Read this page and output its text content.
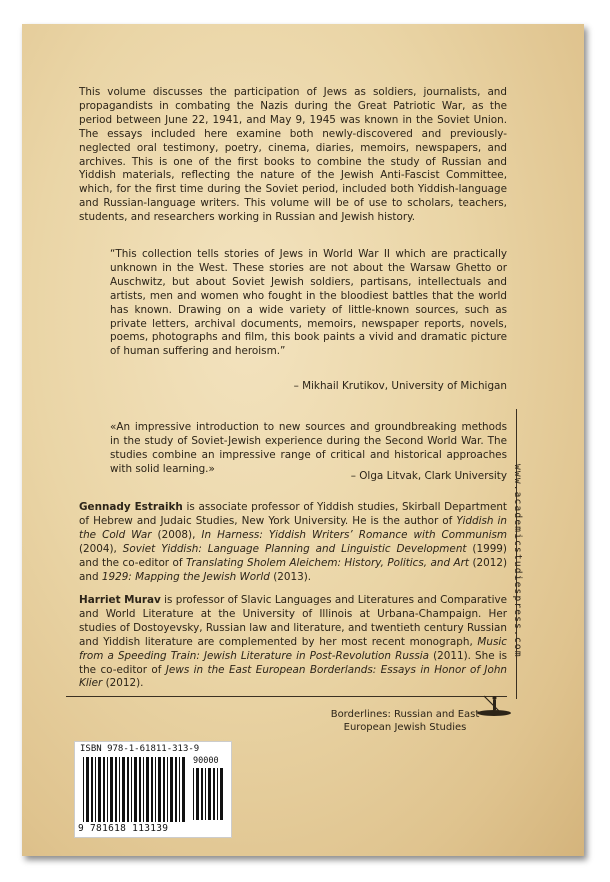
This volume discusses the participation of Jews as soldiers, journalists, and propagandists in combating the Nazis during the Great Patriotic War, as the period between June 22, 1941, and May 9, 1945 was known in the Soviet Union. The essays included here examine both newly-discovered and previously-neglected oral testimony, poetry, cinema, diaries, memoirs, newspapers, and archives. This is one of the first books to combine the study of Russian and Yiddish materials, reflecting the nature of the Jewish Anti-Fascist Committee, which, for the first time during the Soviet period, included both Yiddish-language and Russian-language writers. This volume will be of use to scholars, teachers, students, and researchers working in Russian and Jewish history.
“This collection tells stories of Jews in World War II which are practically unknown in the West. These stories are not about the Warsaw Ghetto or Auschwitz, but about Soviet Jewish soldiers, partisans, intellectuals and artists, men and women who fought in the bloodiest battles that the world has known. Drawing on a wide variety of little-known sources, such as private letters, archival documents, memoirs, newspaper reports, novels, poems, photographs and film, this book paints a vivid and dramatic picture of human suffering and heroism.”
– Mikhail Krutikov, University of Michigan
«An impressive introduction to new sources and groundbreaking methods in the study of Soviet-Jewish experience during the Second World War. The studies combine an impressive range of critical and historical approaches with solid learning.»
– Olga Litvak, Clark University
Gennady Estraikh is associate professor of Yiddish studies, Skirball Department of Hebrew and Judaic Studies, New York University. He is the author of Yiddish in the Cold War (2008), In Harness: Yiddish Writers’ Romance with Communism (2004), Soviet Yiddish: Language Planning and Linguistic Development (1999) and the co-editor of Translating Sholem Aleichem: History, Politics, and Art (2012) and 1929: Mapping the Jewish World (2013).
Harriet Murav is professor of Slavic Languages and Literatures and Comparative and World Literature at the University of Illinois at Urbana-Champaign. Her studies of Dostoyevsky, Russian law and literature, and twentieth century Russian and Yiddish literature are complemented by her most recent monograph, Music from a Speeding Train: Jewish Literature in Post-Revolution Russia (2011). She is the co-editor of Jews in the East European Borderlands: Essays in Honor of John Klier (2012).
www.academicstudiespress.com
Borderlines: Russian and East European Jewish Studies
ISBN 978-1-61811-313-9
90000
9 781618 113139
